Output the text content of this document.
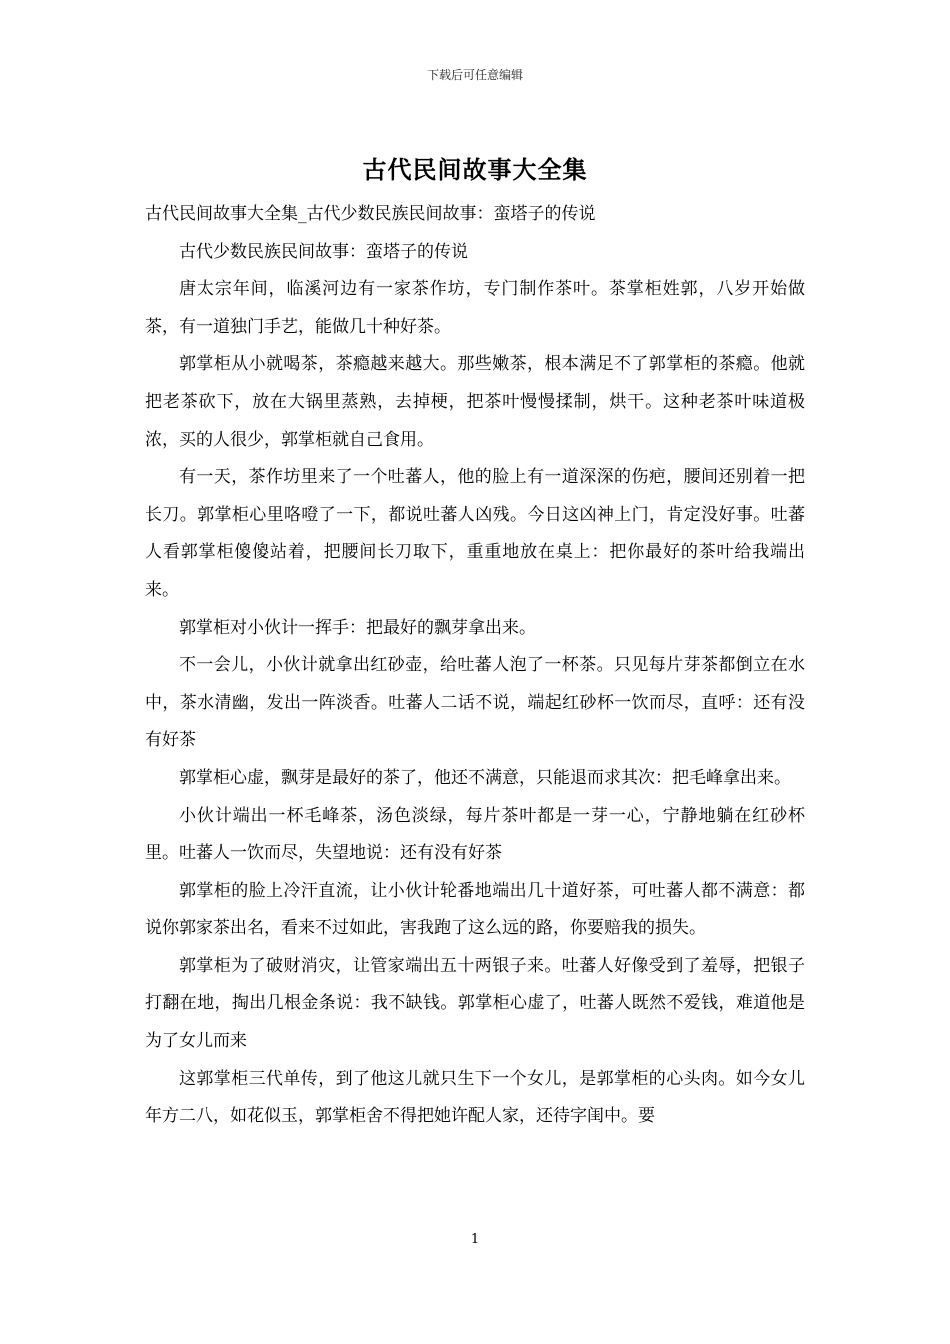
下载后可任意编辑
古代民间故事大全集

古代民间故事大全集_古代少数民族民间故事：蛮塔子的传说

古代少数民族民间故事：蛮塔子的传说

唐太宗年间，临溪河边有一家茶作坊，专门制作茶叶。茶掌柜姓郭，八岁开始做茶，有一道独门手艺，能做几十种好茶。

郭掌柜从小就喝茶，茶瘾越来越大。那些嫩茶，根本满足不了郭掌柜的茶瘾。他就把老茶砍下，放在大锅里蒸熟，去掉梗，把茶叶慢慢揉制，烘干。这种老茶叶味道极浓，买的人很少，郭掌柜就自己食用。

有一天，茶作坊里来了一个吐蕃人，他的脸上有一道深深的伤疤，腰间还别着一把长刀。郭掌柜心里咯噔了一下，都说吐蕃人凶残。今日这凶神上门，肯定没好事。吐蕃人看郭掌柜傻傻站着，把腰间长刀取下，重重地放在桌上：把你最好的茶叶给我端出来。

郭掌柜对小伙计一挥手：把最好的飘芽拿出来。

不一会儿，小伙计就拿出红砂壶，给吐蕃人泡了一杯茶。只见每片芽茶都倒立在水中，茶水清幽，发出一阵淡香。吐蕃人二话不说，端起红砂杯一饮而尽，直呼：还有没有好茶

郭掌柜心虚，飘芽是最好的茶了，他还不满意，只能退而求其次：把毛峰拿出来。

小伙计端出一杯毛峰茶，汤色淡绿，每片茶叶都是一芽一心，宁静地躺在红砂杯里。吐蕃人一饮而尽，失望地说：还有没有好茶

郭掌柜的脸上冷汗直流，让小伙计轮番地端出几十道好茶，可吐蕃人都不满意：都说你郭家茶出名，看来不过如此，害我跑了这么远的路，你要赔我的损失。

郭掌柜为了破财消灾，让管家端出五十两银子来。吐蕃人好像受到了羞辱，把银子打翻在地，掏出几根金条说：我不缺钱。郭掌柜心虚了，吐蕃人既然不爱钱，难道他是为了女儿而来

这郭掌柜三代单传，到了他这儿就只生下一个女儿，是郭掌柜的心头肉。如今女儿年方二八，如花似玉，郭掌柜舍不得把她许配人家，还待字闺中。要

1
